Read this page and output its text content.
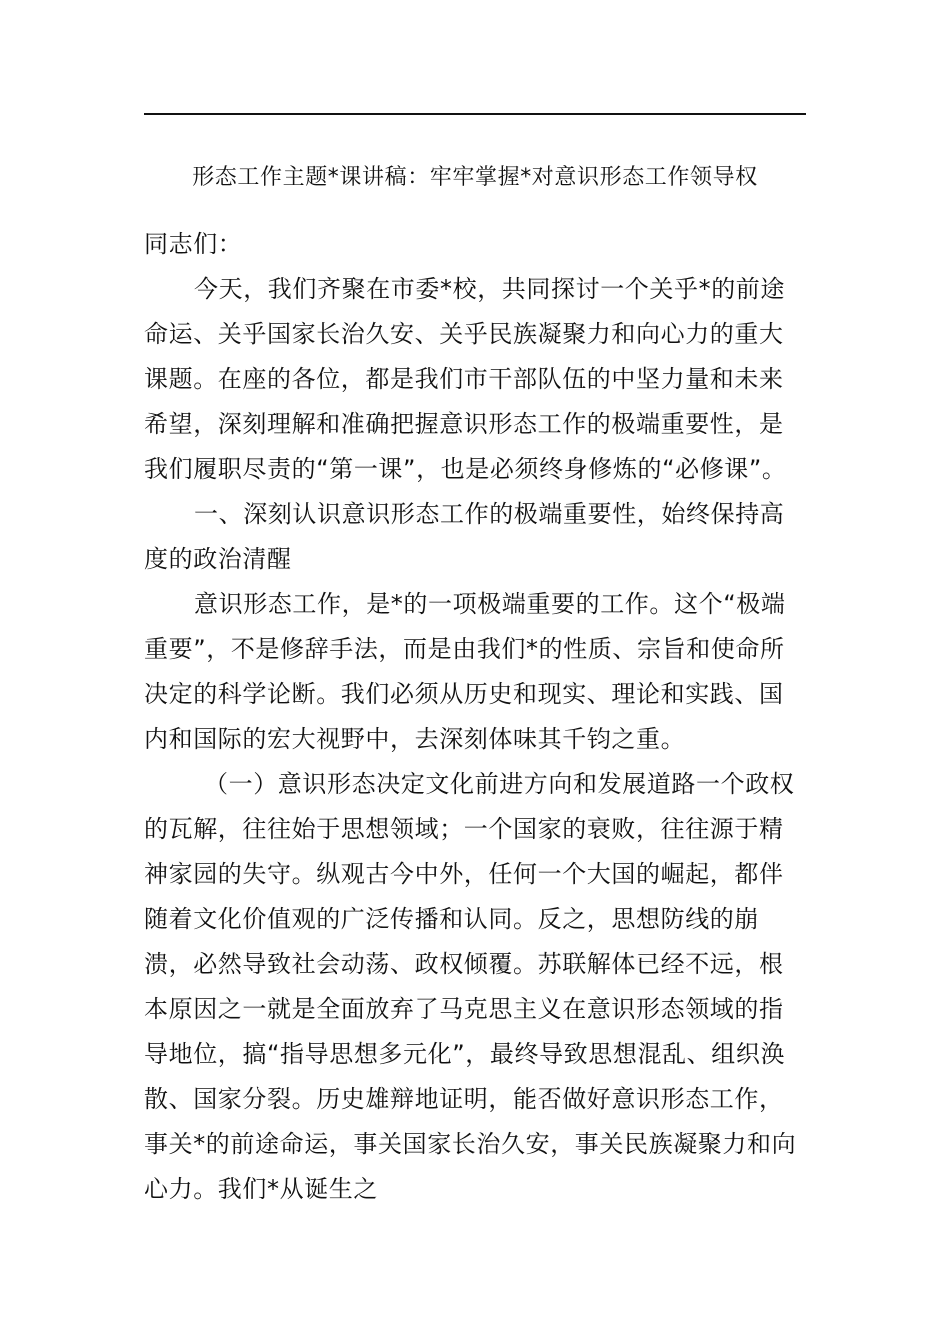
形态工作主题*课讲稿：牢牢掌握*对意识形态工作领导权

同志们：

今天，我们齐聚在市委*校，共同探讨一个关乎*的前途命运、关乎国家长治久安、关乎民族凝聚力和向心力的重大课题。在座的各位，都是我们市干部队伍的中坚力量和未来希望，深刻理解和准确把握意识形态工作的极端重要性，是我们履职尽责的“第一课”，也是必须终身修炼的“必修课”。

一、深刻认识意识形态工作的极端重要性，始终保持高度的政治清醒

意识形态工作，是*的一项极端重要的工作。这个“极端重要”，不是修辞手法，而是由我们*的性质、宗旨和使命所决定的科学论断。我们必须从历史和现实、理论和实践、国内和国际的宏大视野中，去深刻体味其千钧之重。

（一）意识形态决定文化前进方向和发展道路一个政权的瓦解，往往始于思想领域；一个国家的衰败，往往源于精神家园的失守。纵观古今中外，任何一个大国的崛起，都伴随着文化价值观的广泛传播和认同。反之，思想防线的崩溃，必然导致社会动荡、政权倾覆。苏联解体已经不远，根本原因之一就是全面放弃了马克思主义在意识形态领域的指导地位，搞“指导思想多元化”，最终导致思想混乱、组织涣散、国家分裂。历史雄辩地证明，能否做好意识形态工作，事关*的前途命运，事关国家长治久安，事关民族凝聚力和向心力。我们*从诞生之
